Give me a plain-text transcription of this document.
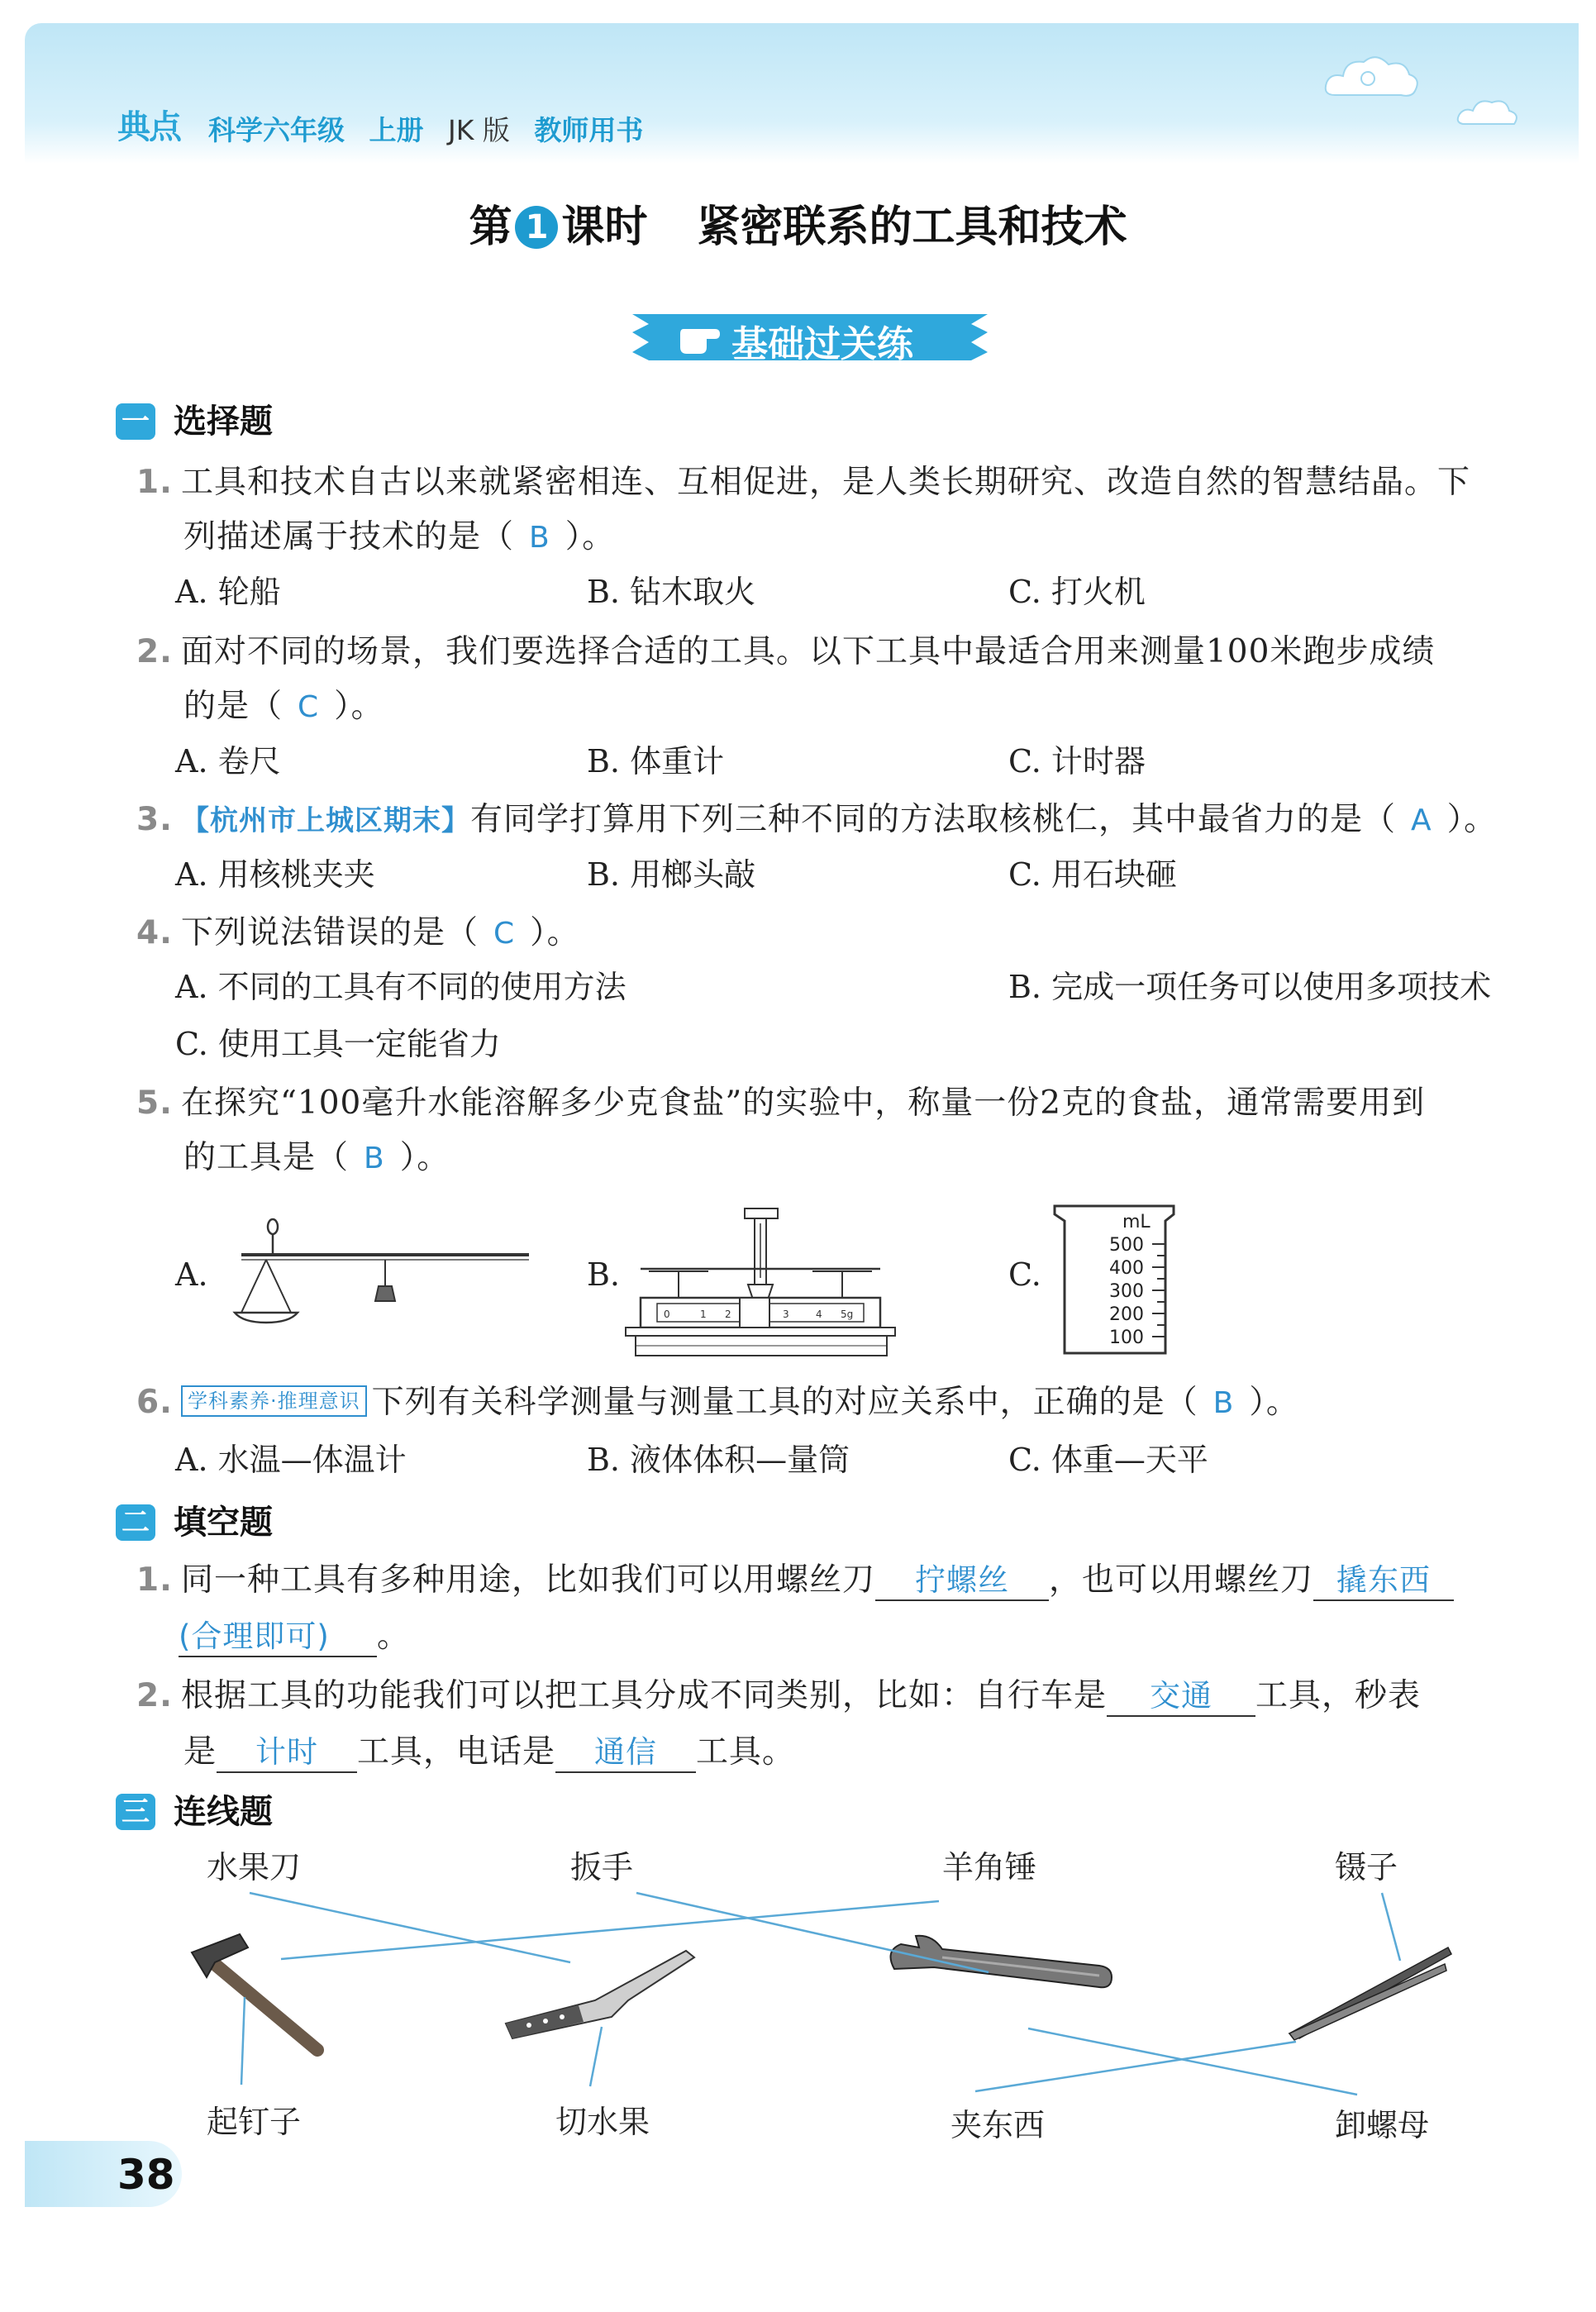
典点 科学六年级 上册 JK 版 教师用书
第 1 课时 紧密联系的工具和技术
基础过关练
一 选择题
1. 工具和技术自古以来就紧密相连、互相促进，是人类长期研究、改造自然的智慧结晶。下
列描述属于技术的是（ B ）。
A. 轮船	B. 钻木取火	C. 打火机
2. 面对不同的场景，我们要选择合适的工具。以下工具中最适合用来测量100米跑步成绩
的是（ C ）。
A. 卷尺	B. 体重计	C. 计时器
3. 【杭州市上城区期末】有同学打算用下列三种不同的方法取核桃仁，其中最省力的是（ A ）。
A. 用核桃夹夹	B. 用榔头敲	C. 用石块砸
4. 下列说法错误的是（ C ）。
A. 不同的工具有不同的使用方法	B. 完成一项任务可以使用多项技术
C. 使用工具一定能省力
5. 在探究“100毫升水能溶解多少克食盐”的实验中，称量一份2克的食盐，通常需要用到
的工具是（ B ）。
A.	B.
0	1 2	3	4 5g
C.
mL
500
400
300
200
100
6. 学科素养·推理意识 下列有关科学测量与测量工具的对应关系中，正确的是（ B ）。
A. 水温—体温计	B. 液体体积—量筒	C. 体重—天平
二 填空题
1. 同一种工具有多种用途，比如我们可以用螺丝刀 拧螺丝 ，也可以用螺丝刀 撬东西
(合理即可) 。
2. 根据工具的功能我们可以把工具分成不同类别，比如：自行车是 交通 工具，秒表
是 计时 工具，电话是 通信 工具。
三 连线题
水果刀	扳手	羊角锤	镊子
起钉子	切水果	夹东西	卸螺母
38
